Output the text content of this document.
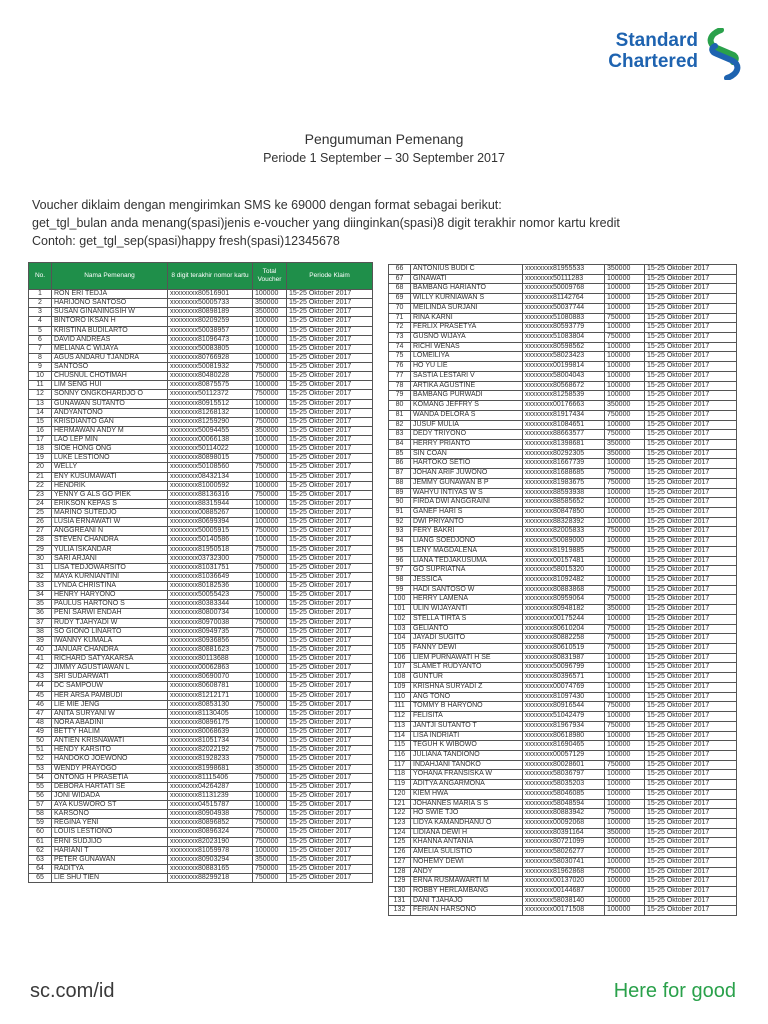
Standard
Chartered
Pengumuman Pemenang
Periode 1 September – 30 September 2017
Voucher diklaim dengan mengirimkan SMS ke 69000 dengan format sebagai berikut:
get_tgl_bulan anda menang(spasi)jenis e-voucher yang diinginkan(spasi)8 digit terakhir nomor kartu kredit
Contoh: get_tgl_sep(spasi)happy fresh(spasi)12345678
No.	Nama Pemenang	8 digit terakhir nomor kartu	Total Voucher	Periode Klaim
1	RON ERI TEDJA	xxxxxxxx80516901	100000	15-25 Oktober 2017
2	HARIJONO SANTOSO	xxxxxxxx50005733	350000	15-25 Oktober 2017
3	SUSAN GINANINGSIH W	xxxxxxxx80898189	350000	15-25 Oktober 2017
4	BINTORO IKSAN H	xxxxxxxx80209259	100000	15-25 Oktober 2017
5	KRISTINA BUDILARTO	xxxxxxxx50038957	100000	15-25 Oktober 2017
6	DAVID ANDREAS	xxxxxxxx81096473	100000	15-25 Oktober 2017
7	MELIANA C WIJAYA	xxxxxxxx50083805	100000	15-25 Oktober 2017
8	AGUS ANDARU TJANDRA	xxxxxxxx80766928	100000	15-25 Oktober 2017
9	SANTOSO	xxxxxxxx50081932	750000	15-25 Oktober 2017
10	CHUSNUL CHOTIMAH	xxxxxxxx80480228	750000	15-25 Oktober 2017
11	LIM SENG HUI	xxxxxxxx80875575	100000	15-25 Oktober 2017
12	SONNY ONGKOHARDJO O	xxxxxxxx50112372	750000	15-25 Oktober 2017
13	GUNAWAN SUTANTO	xxxxxxxx80915512	100000	15-25 Oktober 2017
14	ANDYANTONO	xxxxxxxx81268132	100000	15-25 Oktober 2017
15	KRISDIANTO GAN	xxxxxxxx81259290	750000	15-25 Oktober 2017
16	HERMAWAN ANDY M	xxxxxxxx50094455	350000	15-25 Oktober 2017
17	LAO LEP MIN	xxxxxxxx00066138	100000	15-25 Oktober 2017
18	SIOE HONG ONG	xxxxxxxx50114022	100000	15-25 Oktober 2017
19	LUKE LESTIONO	xxxxxxxx80898015	750000	15-25 Oktober 2017
20	WELLY	xxxxxxxx50108560	750000	15-25 Oktober 2017
21	ENY KUSUMAWATI	xxxxxxxx08432134	100000	15-25 Oktober 2017
22	HENDRIK	xxxxxxxx81000592	100000	15-25 Oktober 2017
23	YENNY G ALS GO PIEK	xxxxxxxx88136316	750000	15-25 Oktober 2017
24	ERIKSON KEPAS S	xxxxxxxx88315944	100000	15-25 Oktober 2017
25	MARINO SUTEDJO	xxxxxxxx00885267	100000	15-25 Oktober 2017
26	LUSIA ERNAWATI W	xxxxxxxx80699394	100000	15-25 Oktober 2017
27	ANGGREANI N	xxxxxxxx50005915	750000	15-25 Oktober 2017
28	STEVEN CHANDRA	xxxxxxxx50140586	100000	15-25 Oktober 2017
29	YULIA ISKANDAR	xxxxxxxx81950518	750000	15-25 Oktober 2017
30	SARI ARJANI	xxxxxxxx03732300	750000	15-25 Oktober 2017
31	LISA TEDJOWARSITO	xxxxxxxx81031751	750000	15-25 Oktober 2017
32	MAYA KURNIANTINI	xxxxxxxx81036649	100000	15-25 Oktober 2017
33	LYNDA CHRISTINA	xxxxxxxx80182536	100000	15-25 Oktober 2017
34	HENRY HARYONO	xxxxxxxx50055423	750000	15-25 Oktober 2017
35	PAULUS HARTONO S	xxxxxxxx80383344	100000	15-25 Oktober 2017
36	PENI SARWI ENDAH	xxxxxxxx80800734	100000	15-25 Oktober 2017
37	RUDY TJAHYADI W	xxxxxxxx80970038	750000	15-25 Oktober 2017
38	SO GIONO LINARTO	xxxxxxxx80949735	750000	15-25 Oktober 2017
39	IWANNY KUMALA	xxxxxxxx80936856	750000	15-25 Oktober 2017
40	JANUAR CHANDRA	xxxxxxxx80881623	750000	15-25 Oktober 2017
41	RICHARD SATYAKARSA	xxxxxxxx80113688	100000	15-25 Oktober 2017
42	JIMMY AGUSTIAWAN L	xxxxxxxx00062863	100000	15-25 Oktober 2017
43	SRI SUDARWATI	xxxxxxxx80690070	100000	15-25 Oktober 2017
44	DC SAMPOUW	xxxxxxxx80608781	100000	15-25 Oktober 2017
45	HER ARSA PAMBUDI	xxxxxxxx81212171	100000	15-25 Oktober 2017
46	LIE MIE JENG	xxxxxxxx80853130	750000	15-25 Oktober 2017
47	ANITA SURYANI W	xxxxxxxx81130405	100000	15-25 Oktober 2017
48	NORA ABADINI	xxxxxxxx80896175	100000	15-25 Oktober 2017
49	BETTY HALIM	xxxxxxxx80068639	100000	15-25 Oktober 2017
50	ANTIEN KRISNAWATI	xxxxxxxx81051734	750000	15-25 Oktober 2017
51	HENDY KARSITO	xxxxxxxx82022192	750000	15-25 Oktober 2017
52	HANDOKO JOEWONO	xxxxxxxx81928233	750000	15-25 Oktober 2017
53	WENDY PRAYOGO	xxxxxxxx81998681	350000	15-25 Oktober 2017
54	ONTONG H PRASETIA	xxxxxxxx81115406	750000	15-25 Oktober 2017
55	DEBORA HARTATI SE	xxxxxxxx04264287	100000	15-25 Oktober 2017
56	JONI WIDADA	xxxxxxxx81131239	100000	15-25 Oktober 2017
57	AYA KUSWORO ST	xxxxxxxx04515787	100000	15-25 Oktober 2017
58	KARSONO	xxxxxxxx80904938	750000	15-25 Oktober 2017
59	REGINA YENI	xxxxxxxx80896852	750000	15-25 Oktober 2017
60	LOUIS LESTIONO	xxxxxxxx80896324	750000	15-25 Oktober 2017
61	ERNI SUDJIJO	xxxxxxxx82023190	750000	15-25 Oktober 2017
62	HARIANI T	xxxxxxxx81059978	100000	15-25 Oktober 2017
63	PETER GUNAWAN	xxxxxxxx80903294	350000	15-25 Oktober 2017
64	RADITYA	xxxxxxxx80883165	750000	15-25 Oktober 2017
65	LIE SHU TIEN	xxxxxxxx88299218	750000	15-25 Oktober 2017
66	ANTONIUS BUDI C	xxxxxxxx81955533	350000	15-25 Oktober 2017
67	GINAWATI	xxxxxxxx50111283	100000	15-25 Oktober 2017
68	BAMBANG HARIANTO	xxxxxxxx50009768	100000	15-25 Oktober 2017
69	WILLY KURNIAWAN S	xxxxxxxx81142764	100000	15-25 Oktober 2017
70	MEILINDA SURJANI	xxxxxxxx50037744	100000	15-25 Oktober 2017
71	RINA KARNI	xxxxxxxx51080883	750000	15-25 Oktober 2017
72	FERLIX PRASETYA	xxxxxxxx80593779	100000	15-25 Oktober 2017
73	GUSNO WIJAYA	xxxxxxxx51083804	750000	15-25 Oktober 2017
74	RICHI WENAS	xxxxxxxx80598562	100000	15-25 Oktober 2017
75	LOMEILIYA	xxxxxxxx58023423	100000	15-25 Oktober 2017
76	HO YU LIE	xxxxxxxx00199814	100000	15-25 Oktober 2017
77	SASTIA LESTARI V	xxxxxxxx58004043	100000	15-25 Oktober 2017
78	ARTIKA AGUSTINE	xxxxxxxx80568672	100000	15-25 Oktober 2017
79	BAMBANG PURWADI	xxxxxxxx81258539	100000	15-25 Oktober 2017
80	KOMANG JEFFRY S	xxxxxxxx00176663	350000	15-25 Oktober 2017
81	WANDA DELORA S	xxxxxxxx81917434	750000	15-25 Oktober 2017
82	JUSUF MULIA	xxxxxxxx81084651	100000	15-25 Oktober 2017
83	DEDY TRIYONO	xxxxxxxx88663577	750000	15-25 Oktober 2017
84	HERRY PRIANTO	xxxxxxxx81398681	350000	15-25 Oktober 2017
85	SIN COAN	xxxxxxxx80292305	350000	15-25 Oktober 2017
86	HARTOKO SETIO	xxxxxxxx81667739	100000	15-25 Oktober 2017
87	JOHAN ARIF JUWONO	xxxxxxxx81688685	750000	15-25 Oktober 2017
88	JEMMY GUNAWAN B P	xxxxxxxx81983675	750000	15-25 Oktober 2017
89	WAHYU INTIYAS W S	xxxxxxxx88593938	100000	15-25 Oktober 2017
90	FIRDA DWI ANGGRAINI	xxxxxxxx88585652	100000	15-25 Oktober 2017
91	GANEF HARI S	xxxxxxxx80847850	100000	15-25 Oktober 2017
92	DWI PRIYANTO	xxxxxxxx88328392	100000	15-25 Oktober 2017
93	FERY BAKRI	xxxxxxxx82005833	750000	15-25 Oktober 2017
94	LIANG SOEDJONO	xxxxxxxx50089000	100000	15-25 Oktober 2017
95	LENY MAGDALENA	xxxxxxxx81919885	750000	15-25 Oktober 2017
96	LIANA TEDJAKUSUMA	xxxxxxxx00157481	100000	15-25 Oktober 2017
97	GO SUPRIATNA	xxxxxxxx58015320	100000	15-25 Oktober 2017
98	JESSICA	xxxxxxxx81092482	100000	15-25 Oktober 2017
99	HADI SANTOSO W	xxxxxxxx80883868	750000	15-25 Oktober 2017
100	HERRY LAMENA	xxxxxxxx80959064	750000	15-25 Oktober 2017
101	ULIN WIJAYANTI	xxxxxxxx80948182	350000	15-25 Oktober 2017
102	STELLA TIRTA S	xxxxxxxx00175244	100000	15-25 Oktober 2017
103	GELIANTO	xxxxxxxx80610204	750000	15-25 Oktober 2017
104	JAYADI SUGITO	xxxxxxxx80882258	750000	15-25 Oktober 2017
105	FANNY DEWI	xxxxxxxx80610519	750000	15-25 Oktober 2017
106	LIEM PURNAWATI H SE	xxxxxxxx80831987	100000	15-25 Oktober 2017
107	SLAMET RUDYANTO	xxxxxxxx50096799	100000	15-25 Oktober 2017
108	GUNTUR	xxxxxxxx80396571	100000	15-25 Oktober 2017
109	KRISHNA SURYADI Z	xxxxxxxx00074769	100000	15-25 Oktober 2017
110	ANG TONO	xxxxxxxx81097430	100000	15-25 Oktober 2017
111	TOMMY B HARYONO	xxxxxxxx80916544	750000	15-25 Oktober 2017
112	FELISITA	xxxxxxxx51042479	100000	15-25 Oktober 2017
113	JANTJI SUTANTO T	xxxxxxxx81967934	750000	15-25 Oktober 2017
114	LISA INDRIATI	xxxxxxxx80618980	100000	15-25 Oktober 2017
115	TEGUH K WIBOWO	xxxxxxxx81690465	100000	15-25 Oktober 2017
116	JULIANA TANDIONO	xxxxxxxx00057129	100000	15-25 Oktober 2017
117	INDAHJANI TANOKO	xxxxxxxx80028601	750000	15-25 Oktober 2017
118	YOHANA FRANSISKA W	xxxxxxxx58036797	100000	15-25 Oktober 2017
119	ADITYA ANGARMONA	xxxxxxxx58035203	100000	15-25 Oktober 2017
120	KIEM HWA	xxxxxxxx58046085	100000	15-25 Oktober 2017
121	JOHANNES MARIA S S	xxxxxxxx58048594	100000	15-25 Oktober 2017
122	HO SWIE TJO	xxxxxxxx80883942	750000	15-25 Oktober 2017
123	LIDYA KAMANDHANU O	xxxxxxxx00092068	100000	15-25 Oktober 2017
124	LIDIANA DEWI H	xxxxxxxx80391164	350000	15-25 Oktober 2017
125	KHANNA ANTANIA	xxxxxxxx80721099	100000	15-25 Oktober 2017
126	AMELIA SULISTIO	xxxxxxxx58026277	100000	15-25 Oktober 2017
127	NOHEMY DEWI	xxxxxxxx58030741	100000	15-25 Oktober 2017
128	ANDY	xxxxxxxx81962868	750000	15-25 Oktober 2017
129	ERNA RUSMAWARTI M	xxxxxxxx00137020	100000	15-25 Oktober 2017
130	ROBBY HERLAMBANG	xxxxxxxx00144687	100000	15-25 Oktober 2017
131	DANI TJAHAJO	xxxxxxxx58038140	100000	15-25 Oktober 2017
132	FERIAN HARSONO	xxxxxxxx00171508	100000	15-25 Oktober 2017
sc.com/id	Here for good
